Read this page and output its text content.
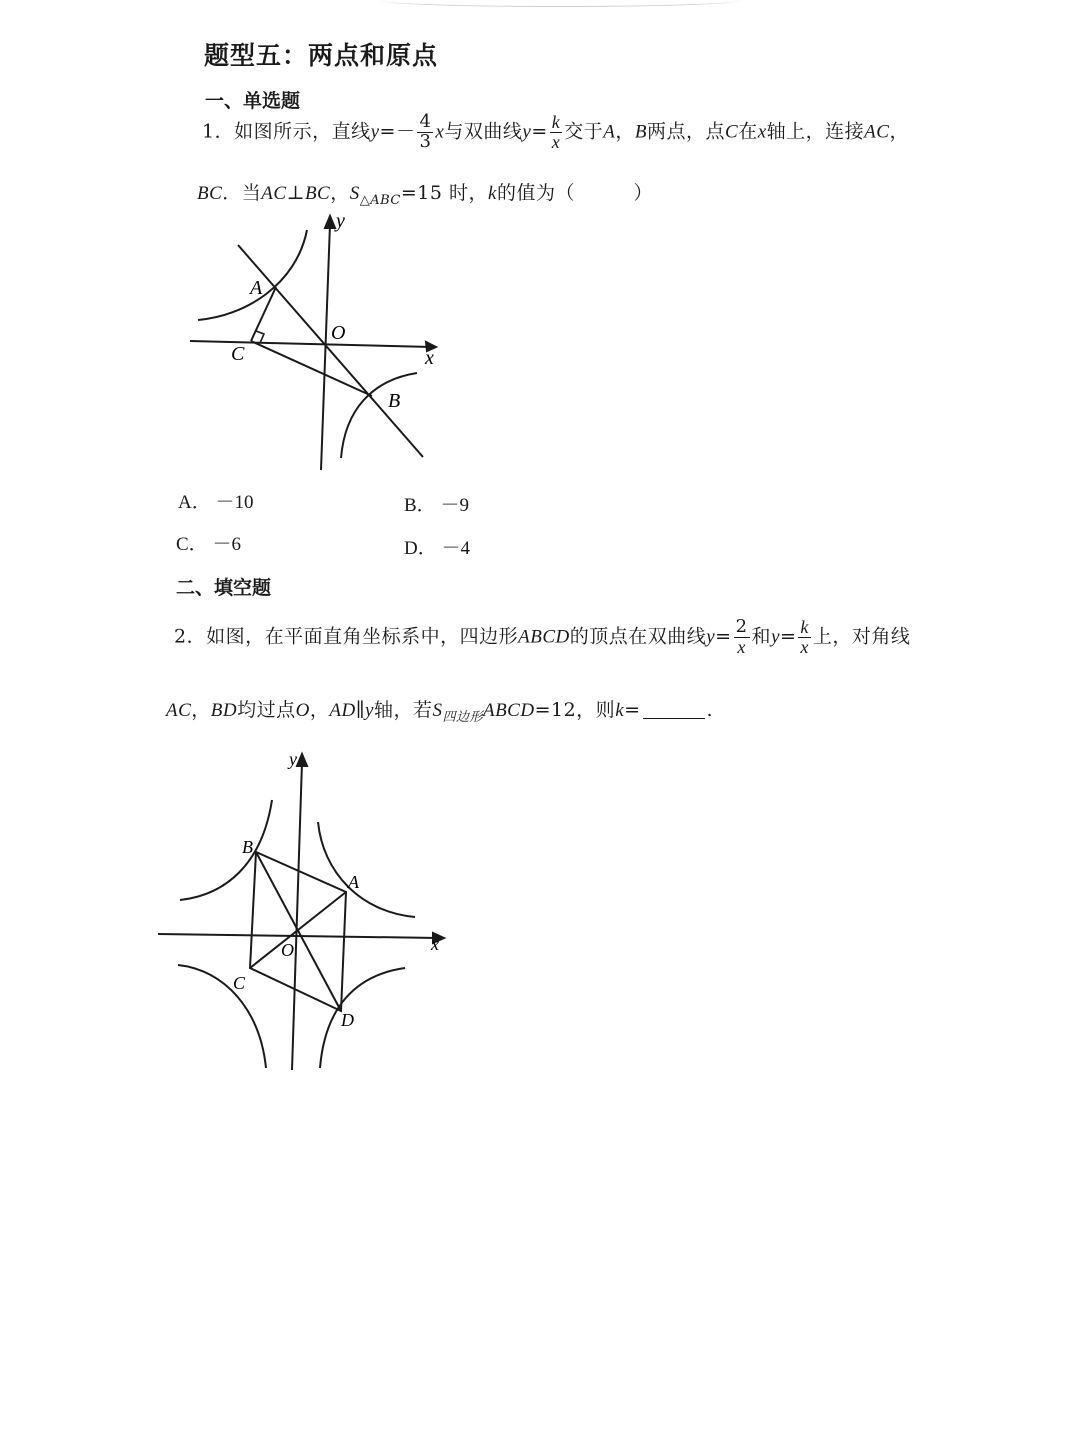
题型五：两点和原点
一、单选题
1．如图所示，直线$y=- \frac{4}{3}$ x与双曲线$y= \frac{k}{x}$ 交于A，B两点，点C在x轴上，连接AC，
BC．当AC⊥BC，$S_{\triangle ABC}=15$ 时，k的值为（　　　）
y
x
A
B
C
O
A． －10	B． －9
C． －6	D． －4
二、填空题
2．如图，在平面直角坐标系中，四边形ABCD的顶点在双曲线$y= \frac{2}{x}$ 和$y= \frac{k}{x}$ 上，对角线
AC，BD均过点O，AD∥y轴，若$S_{四边形}ABCD=12$，则k=	.
y
x
A
B
C
D
O
